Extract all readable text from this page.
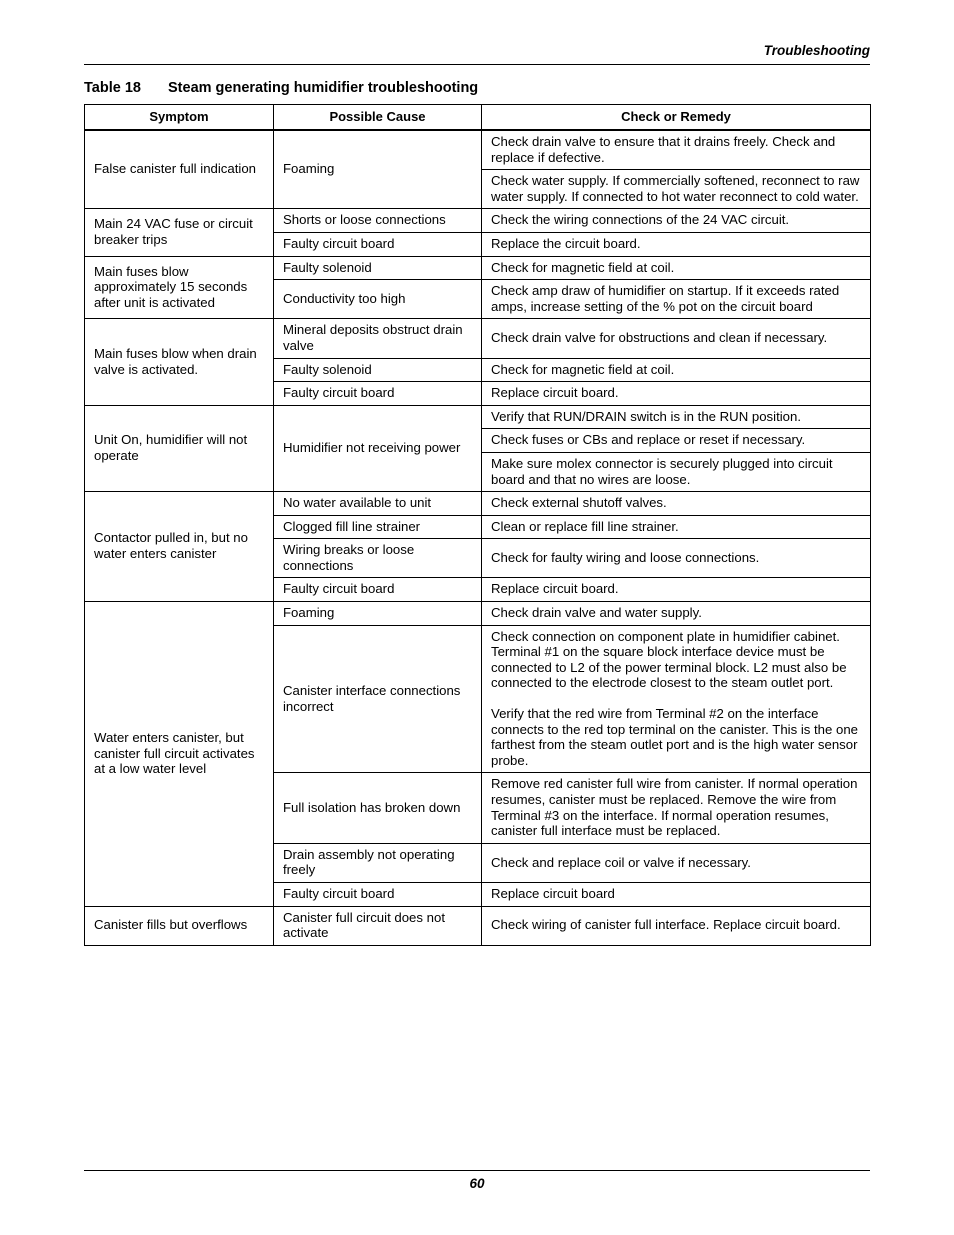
Troubleshooting
Table 18 Steam generating humidifier troubleshooting
Symptom	Possible Cause	Check or Remedy
False canister full indication	Foaming	Check drain valve to ensure that it drains freely. Check and replace if defective.

		Check water supply. If commercially softened, reconnect to raw water supply. If connected to hot water reconnect to cold water.

Main 24 VAC fuse or circuit breaker trips	Shorts or loose connections	Check the wiring connections of the 24 VAC circuit.

	Faulty circuit board	Replace the circuit board.

Main fuses blow approximately 15 seconds after unit is activated	Faulty solenoid	Check for magnetic field at coil.

	Conductivity too high	Check amp draw of humidifier on startup. If it exceeds rated amps, increase setting of the % pot on the circuit board

Main fuses blow when drain valve is activated.	Mineral deposits obstruct drain valve	Check drain valve for obstructions and clean if necessary.

	Faulty solenoid	Check for magnetic field at coil.

	Faulty circuit board	Replace circuit board.

Unit On, humidifier will not operate	Humidifier not receiving power	Verify that RUN/DRAIN switch is in the RUN position.

		Check fuses or CBs and replace or reset if necessary.

		Make sure molex connector is securely plugged into circuit board and that no wires are loose.

Contactor pulled in, but no water enters canister	No water available to unit	Check external shutoff valves.

	Clogged fill line strainer	Clean or replace fill line strainer.

	Wiring breaks or loose connections	Check for faulty wiring and loose connections.

	Faulty circuit board	Replace circuit board.

Water enters canister, but canister full circuit activates at a low water level	Foaming	Check drain valve and water supply.

	Canister interface connections incorrect	Check connection on component plate in humidifier cabinet. Terminal #1 on the square block interface device must be connected to L2 of the power terminal block. L2 must also be connected to the electrode closest to the steam outlet port.
Verify that the red wire from Terminal #2 on the interface connects to the red top terminal on the canister. This is the one farthest from the steam outlet port and is the high water sensor probe.

	Full isolation has broken down	Remove red canister full wire from canister. If normal operation resumes, canister must be replaced. Remove the wire from Terminal #3 on the interface. If normal operation resumes, canister full interface must be replaced.

	Drain assembly not operating freely	Check and replace coil or valve if necessary.

	Faulty circuit board	Replace circuit board

Canister fills but overflows	Canister full circuit does not activate	Check wiring of canister full interface. Replace circuit board.
60
